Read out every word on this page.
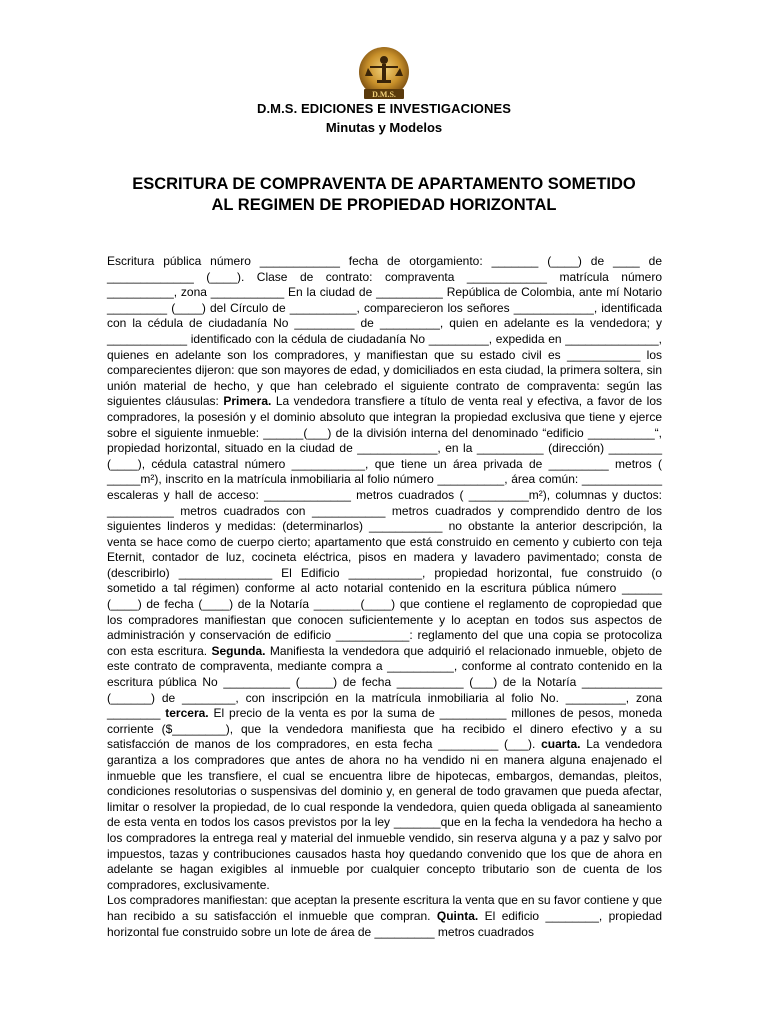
D.M.S.
D.M.S. EDICIONES E INVESTIGACIONES
Minutas y Modelos
ESCRITURA DE COMPRAVENTA DE APARTAMENTO SOMETIDO
AL REGIMEN DE PROPIEDAD HORIZONTAL

Escritura pública número ____________ fecha de otorgamiento: _______ (____) de ____ de _____________ (____). Clase de contrato: compraventa ____________ matrícula número __________, zona ___________ En la ciudad de __________ República de Colombia, ante mí Notario _________ (____) del Círculo de __________, comparecieron los señores ____________, identificada con la cédula de ciudadanía No _________ de _________, quien en adelante es la vendedora; y ____________ identificado con la cédula de ciudadanía No _________, expedida en ______________, quienes en adelante son los compradores, y manifiestan que su estado civil es ___________ los comparecientes dijeron: que son mayores de edad, y domiciliados en esta ciudad, la primera soltera, sin unión material de hecho, y que han celebrado el siguiente contrato de compraventa: según las siguientes cláusulas: Primera. La vendedora transfiere a título de venta real y efectiva, a favor de los compradores, la posesión y el dominio absoluto que integran la propiedad exclusiva que tiene y ejerce sobre el siguiente inmueble: ______(___) de la división interna del denominado “edificio __________“, propiedad horizontal, situado en la ciudad de ____________, en la __________ (dirección) ________ (____), cédula catastral número ___________, que tiene un área privada de _________ metros ( _____m²), inscrito en la matrícula inmobiliaria al folio número __________, área común: ____________ escaleras y hall de acceso: _____________ metros cuadrados ( _________m²), columnas y ductos: __________ metros cuadrados con ___________ metros cuadrados y comprendido dentro de los siguientes linderos y medidas: (determinarlos) ___________ no obstante la anterior descripción, la venta se hace como de cuerpo cierto; apartamento que está construido en cemento y cubierto con teja Eternit, contador de luz, cocineta eléctrica, pisos en madera y lavadero pavimentado; consta de (describirlo) ______________ El Edificio ___________, propiedad horizontal, fue construido (o sometido a tal régimen) conforme al acto notarial contenido en la escritura pública número ______ (____) de fecha (____) de la Notaría _______(____) que contiene el reglamento de copropiedad que los compradores manifiestan que conocen suficientemente y lo aceptan en todos sus aspectos de administración y conservación de edificio ___________: reglamento del que una copia se protocoliza con esta escritura. Segunda. Manifiesta la vendedora que adquirió el relacionado inmueble, objeto de este contrato de compraventa, mediante compra a __________, conforme al contrato contenido en la escritura pública No __________ (_____) de fecha __________ (___) de la Notaría ____________ (______) de ________, con inscripción en la matrícula inmobiliaria al folio No. _________, zona ________ tercera. El precio de la venta es por la suma de __________ millones de pesos, moneda corriente ($________), que la vendedora manifiesta que ha recibido el dinero efectivo y a su satisfacción de manos de los compradores, en esta fecha _________ (___). cuarta. La vendedora garantiza a los compradores que antes de ahora no ha vendido ni en manera alguna enajenado el inmueble que les transfiere, el cual se encuentra libre de hipotecas, embargos, demandas, pleitos, condiciones resolutorias o suspensivas del dominio y, en general de todo gravamen que pueda afectar, limitar o resolver la propiedad, de lo cual responde la vendedora, quien queda obligada al saneamiento de esta venta en todos los casos previstos por la ley _______que en la fecha la vendedora ha hecho a los compradores la entrega real y material del inmueble vendido, sin reserva alguna y a paz y salvo por impuestos, tazas y contribuciones causados hasta hoy quedando convenido que los que de ahora en adelante se hagan exigibles al inmueble por cualquier concepto tributario son de cuenta de los compradores, exclusivamente.

Los compradores manifiestan: que aceptan la presente escritura la venta que en su favor contiene y que han recibido a su satisfacción el inmueble que compran. Quinta. El edificio ________, propiedad horizontal fue construido sobre un lote de área de _________ metros cuadrados
